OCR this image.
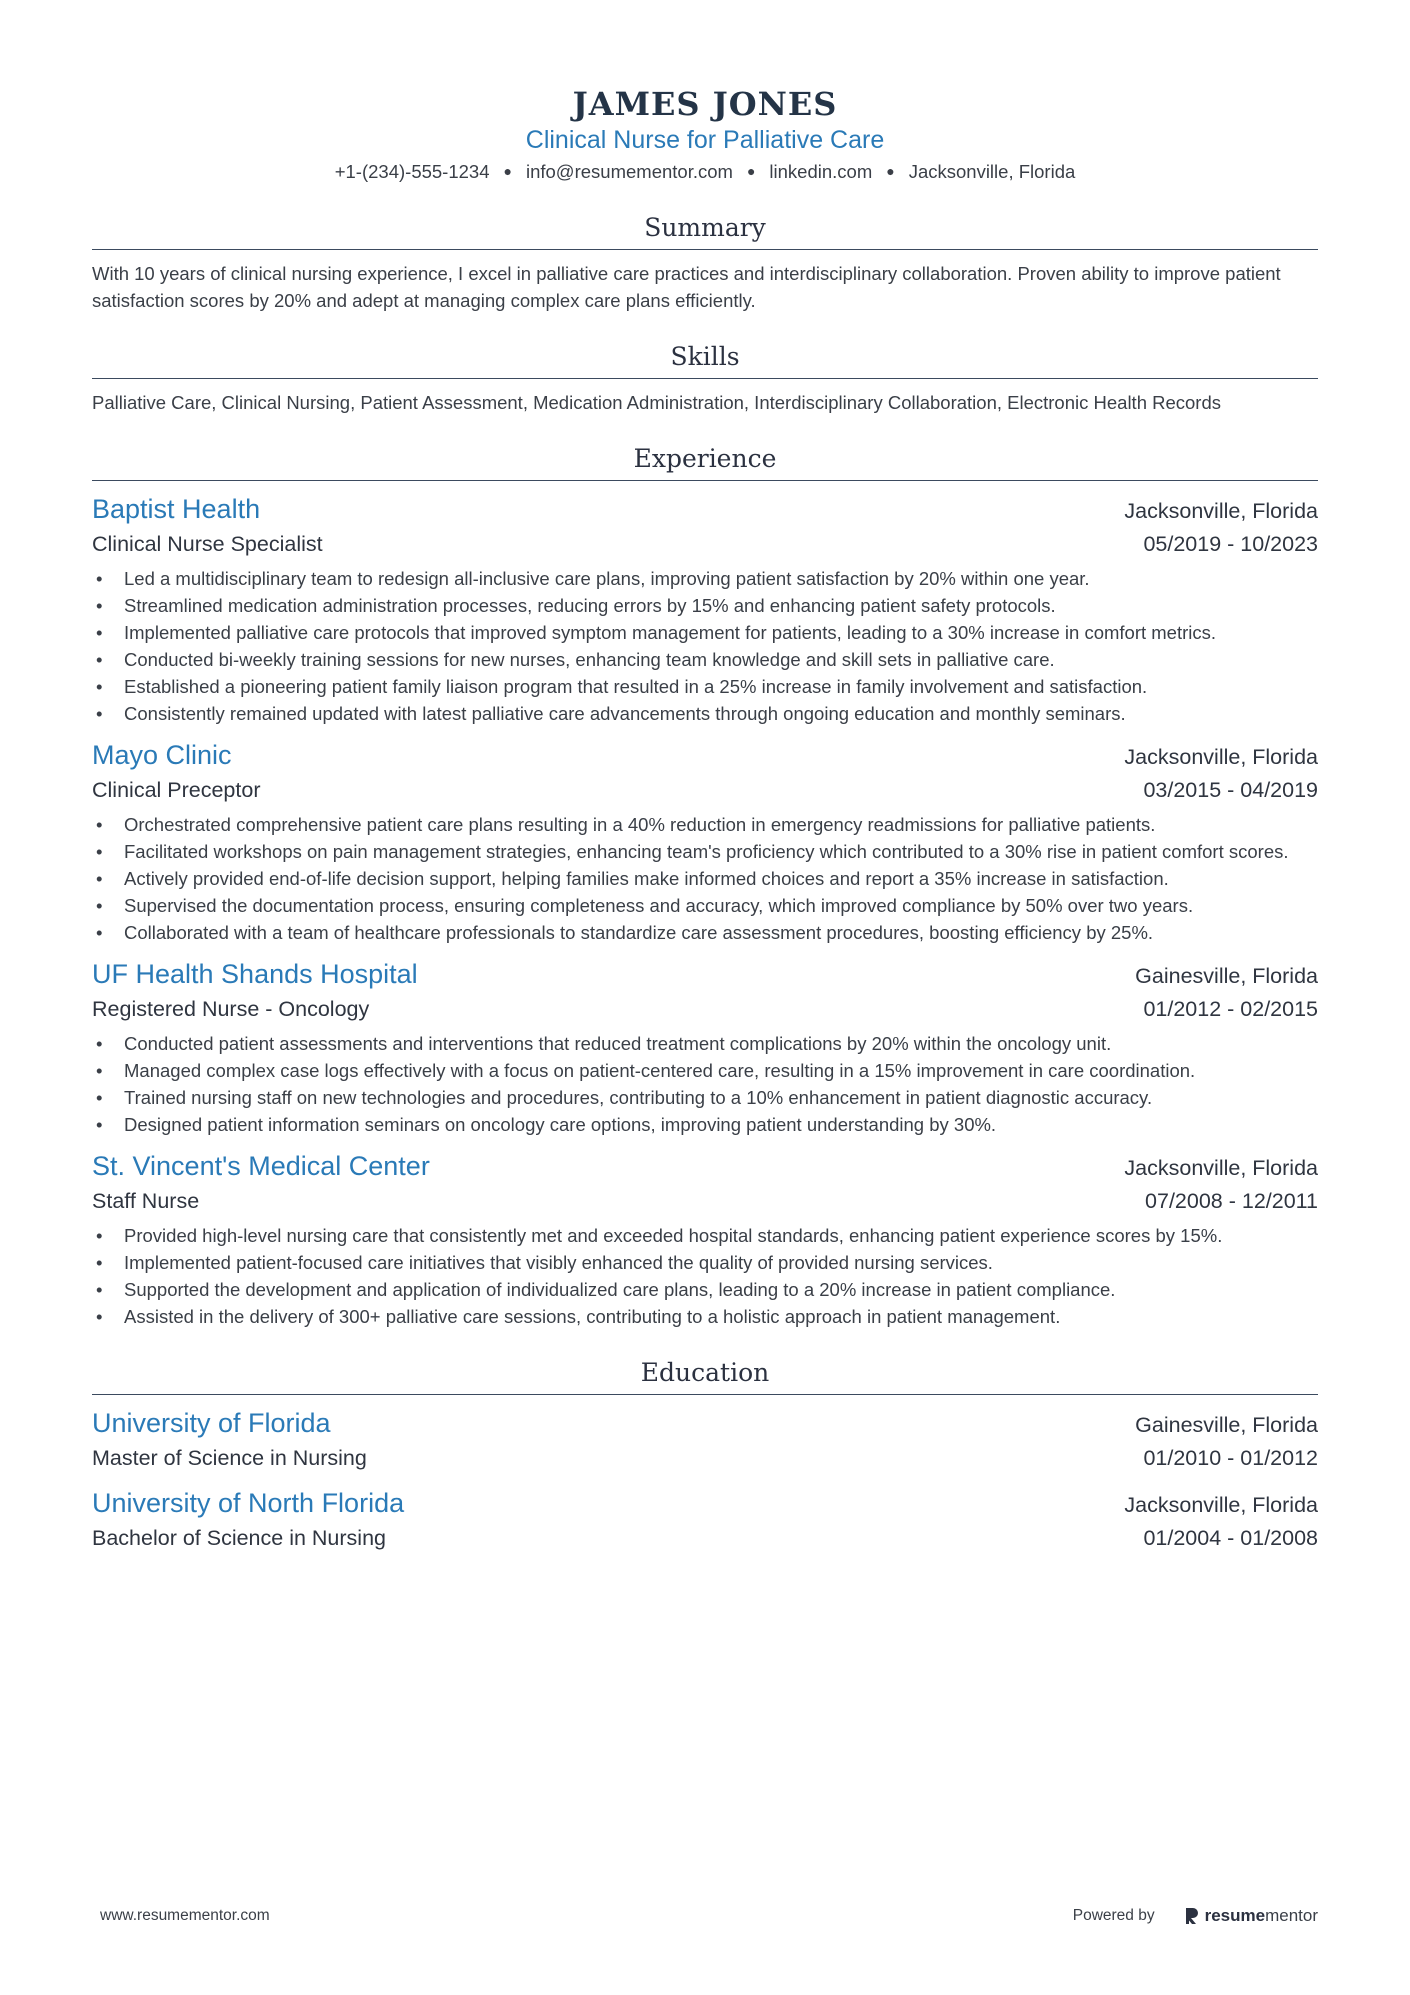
JAMES JONES
Clinical Nurse for Palliative Care
+1-(234)-555-1234 ● info@resumementor.com ● linkedin.com ● Jacksonville, Florida
Summary
With 10 years of clinical nursing experience, I excel in palliative care practices and interdisciplinary collaboration. Proven ability to improve patient satisfaction scores by 20% and adept at managing complex care plans efficiently.
Skills
Palliative Care, Clinical Nursing, Patient Assessment, Medication Administration, Interdisciplinary Collaboration, Electronic Health Records
Experience
Baptist Health	Jacksonville, Florida
Clinical Nurse Specialist	05/2019 - 10/2023
• Led a multidisciplinary team to redesign all-inclusive care plans, improving patient satisfaction by 20% within one year.
• Streamlined medication administration processes, reducing errors by 15% and enhancing patient safety protocols.
• Implemented palliative care protocols that improved symptom management for patients, leading to a 30% increase in comfort metrics.
• Conducted bi-weekly training sessions for new nurses, enhancing team knowledge and skill sets in palliative care.
• Established a pioneering patient family liaison program that resulted in a 25% increase in family involvement and satisfaction.
• Consistently remained updated with latest palliative care advancements through ongoing education and monthly seminars.
Mayo Clinic	Jacksonville, Florida
Clinical Preceptor	03/2015 - 04/2019
• Orchestrated comprehensive patient care plans resulting in a 40% reduction in emergency readmissions for palliative patients.
• Facilitated workshops on pain management strategies, enhancing team's proficiency which contributed to a 30% rise in patient comfort scores.
• Actively provided end-of-life decision support, helping families make informed choices and report a 35% increase in satisfaction.
• Supervised the documentation process, ensuring completeness and accuracy, which improved compliance by 50% over two years.
• Collaborated with a team of healthcare professionals to standardize care assessment procedures, boosting efficiency by 25%.
UF Health Shands Hospital	Gainesville, Florida
Registered Nurse - Oncology	01/2012 - 02/2015
• Conducted patient assessments and interventions that reduced treatment complications by 20% within the oncology unit.
• Managed complex case logs effectively with a focus on patient-centered care, resulting in a 15% improvement in care coordination.
• Trained nursing staff on new technologies and procedures, contributing to a 10% enhancement in patient diagnostic accuracy.
• Designed patient information seminars on oncology care options, improving patient understanding by 30%.
St. Vincent's Medical Center	Jacksonville, Florida
Staff Nurse	07/2008 - 12/2011
• Provided high-level nursing care that consistently met and exceeded hospital standards, enhancing patient experience scores by 15%.
• Implemented patient-focused care initiatives that visibly enhanced the quality of provided nursing services.
• Supported the development and application of individualized care plans, leading to a 20% increase in patient compliance.
• Assisted in the delivery of 300+ palliative care sessions, contributing to a holistic approach in patient management.
Education
University of Florida	Gainesville, Florida
Master of Science in Nursing	01/2010 - 01/2012
University of North Florida	Jacksonville, Florida
Bachelor of Science in Nursing	01/2004 - 01/2008
www.resumementor.com	Powered by	resume mentor
